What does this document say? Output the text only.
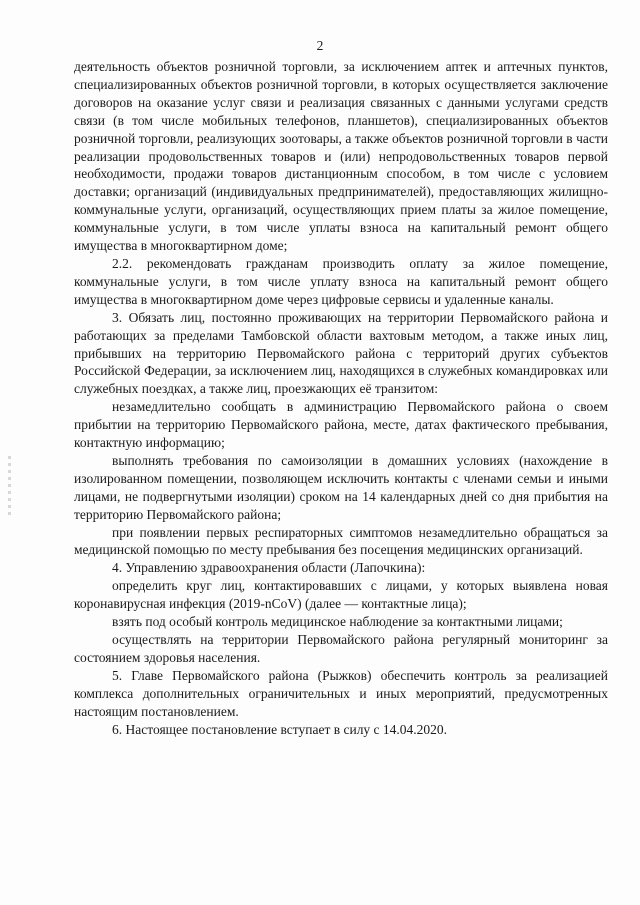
2

деятельность объектов розничной торговли, за исключением аптек и аптечных пунктов, специализированных объектов розничной торговли, в которых осуществляется заключение договоров на оказание услуг связи и реализация связанных с данными услугами средств связи (в том числе мобильных телефонов, планшетов), специализированных объектов розничной торговли, реализующих зоотовары, а также объектов розничной торговли в части реализации продовольственных товаров и (или) непродовольственных товаров первой необходимости, продажи товаров дистанционным способом, в том числе с условием доставки; организаций (индивидуальных предпринимателей), предоставляющих жилищно-коммунальные услуги, организаций, осуществляющих прием платы за жилое помещение, коммунальные услуги, в том числе уплаты взноса на капитальный ремонт общего имущества в многоквартирном доме;

2.2. рекомендовать гражданам производить оплату за жилое помещение, коммунальные услуги, в том числе уплату взноса на капитальный ремонт общего имущества в многоквартирном доме через цифровые сервисы и удаленные каналы.

3. Обязать лиц, постоянно проживающих на территории Первомайского района и работающих за пределами Тамбовской области вахтовым методом, а также иных лиц, прибывших на территорию Первомайского района с территорий других субъектов Российской Федерации, за исключением лиц, находящихся в служебных командировках или служебных поездках, а также лиц, проезжающих её транзитом:

незамедлительно сообщать в администрацию Первомайского района о своем прибытии на территорию Первомайского района, месте, датах фактического пребывания, контактную информацию;

выполнять требования по самоизоляции в домашних условиях (нахождение в изолированном помещении, позволяющем исключить контакты с членами семьи и иными лицами, не подвергнутыми изоляции) сроком на 14 календарных дней со дня прибытия на территорию Первомайского района;

при появлении первых респираторных симптомов незамедлительно обращаться за медицинской помощью по месту пребывания без посещения медицинских организаций.

4. Управлению здравоохранения области (Лапочкина):

определить круг лиц, контактировавших с лицами, у которых выявлена новая коронавирусная инфекция (2019-nCoV) (далее — контактные лица);

взять под особый контроль медицинское наблюдение за контактными лицами;

осуществлять на территории Первомайского района регулярный мониторинг за состоянием здоровья населения.

5. Главе Первомайского района (Рыжков) обеспечить контроль за реализацией комплекса дополнительных ограничительных и иных мероприятий, предусмотренных настоящим постановлением.

6. Настоящее постановление вступает в силу с 14.04.2020.
